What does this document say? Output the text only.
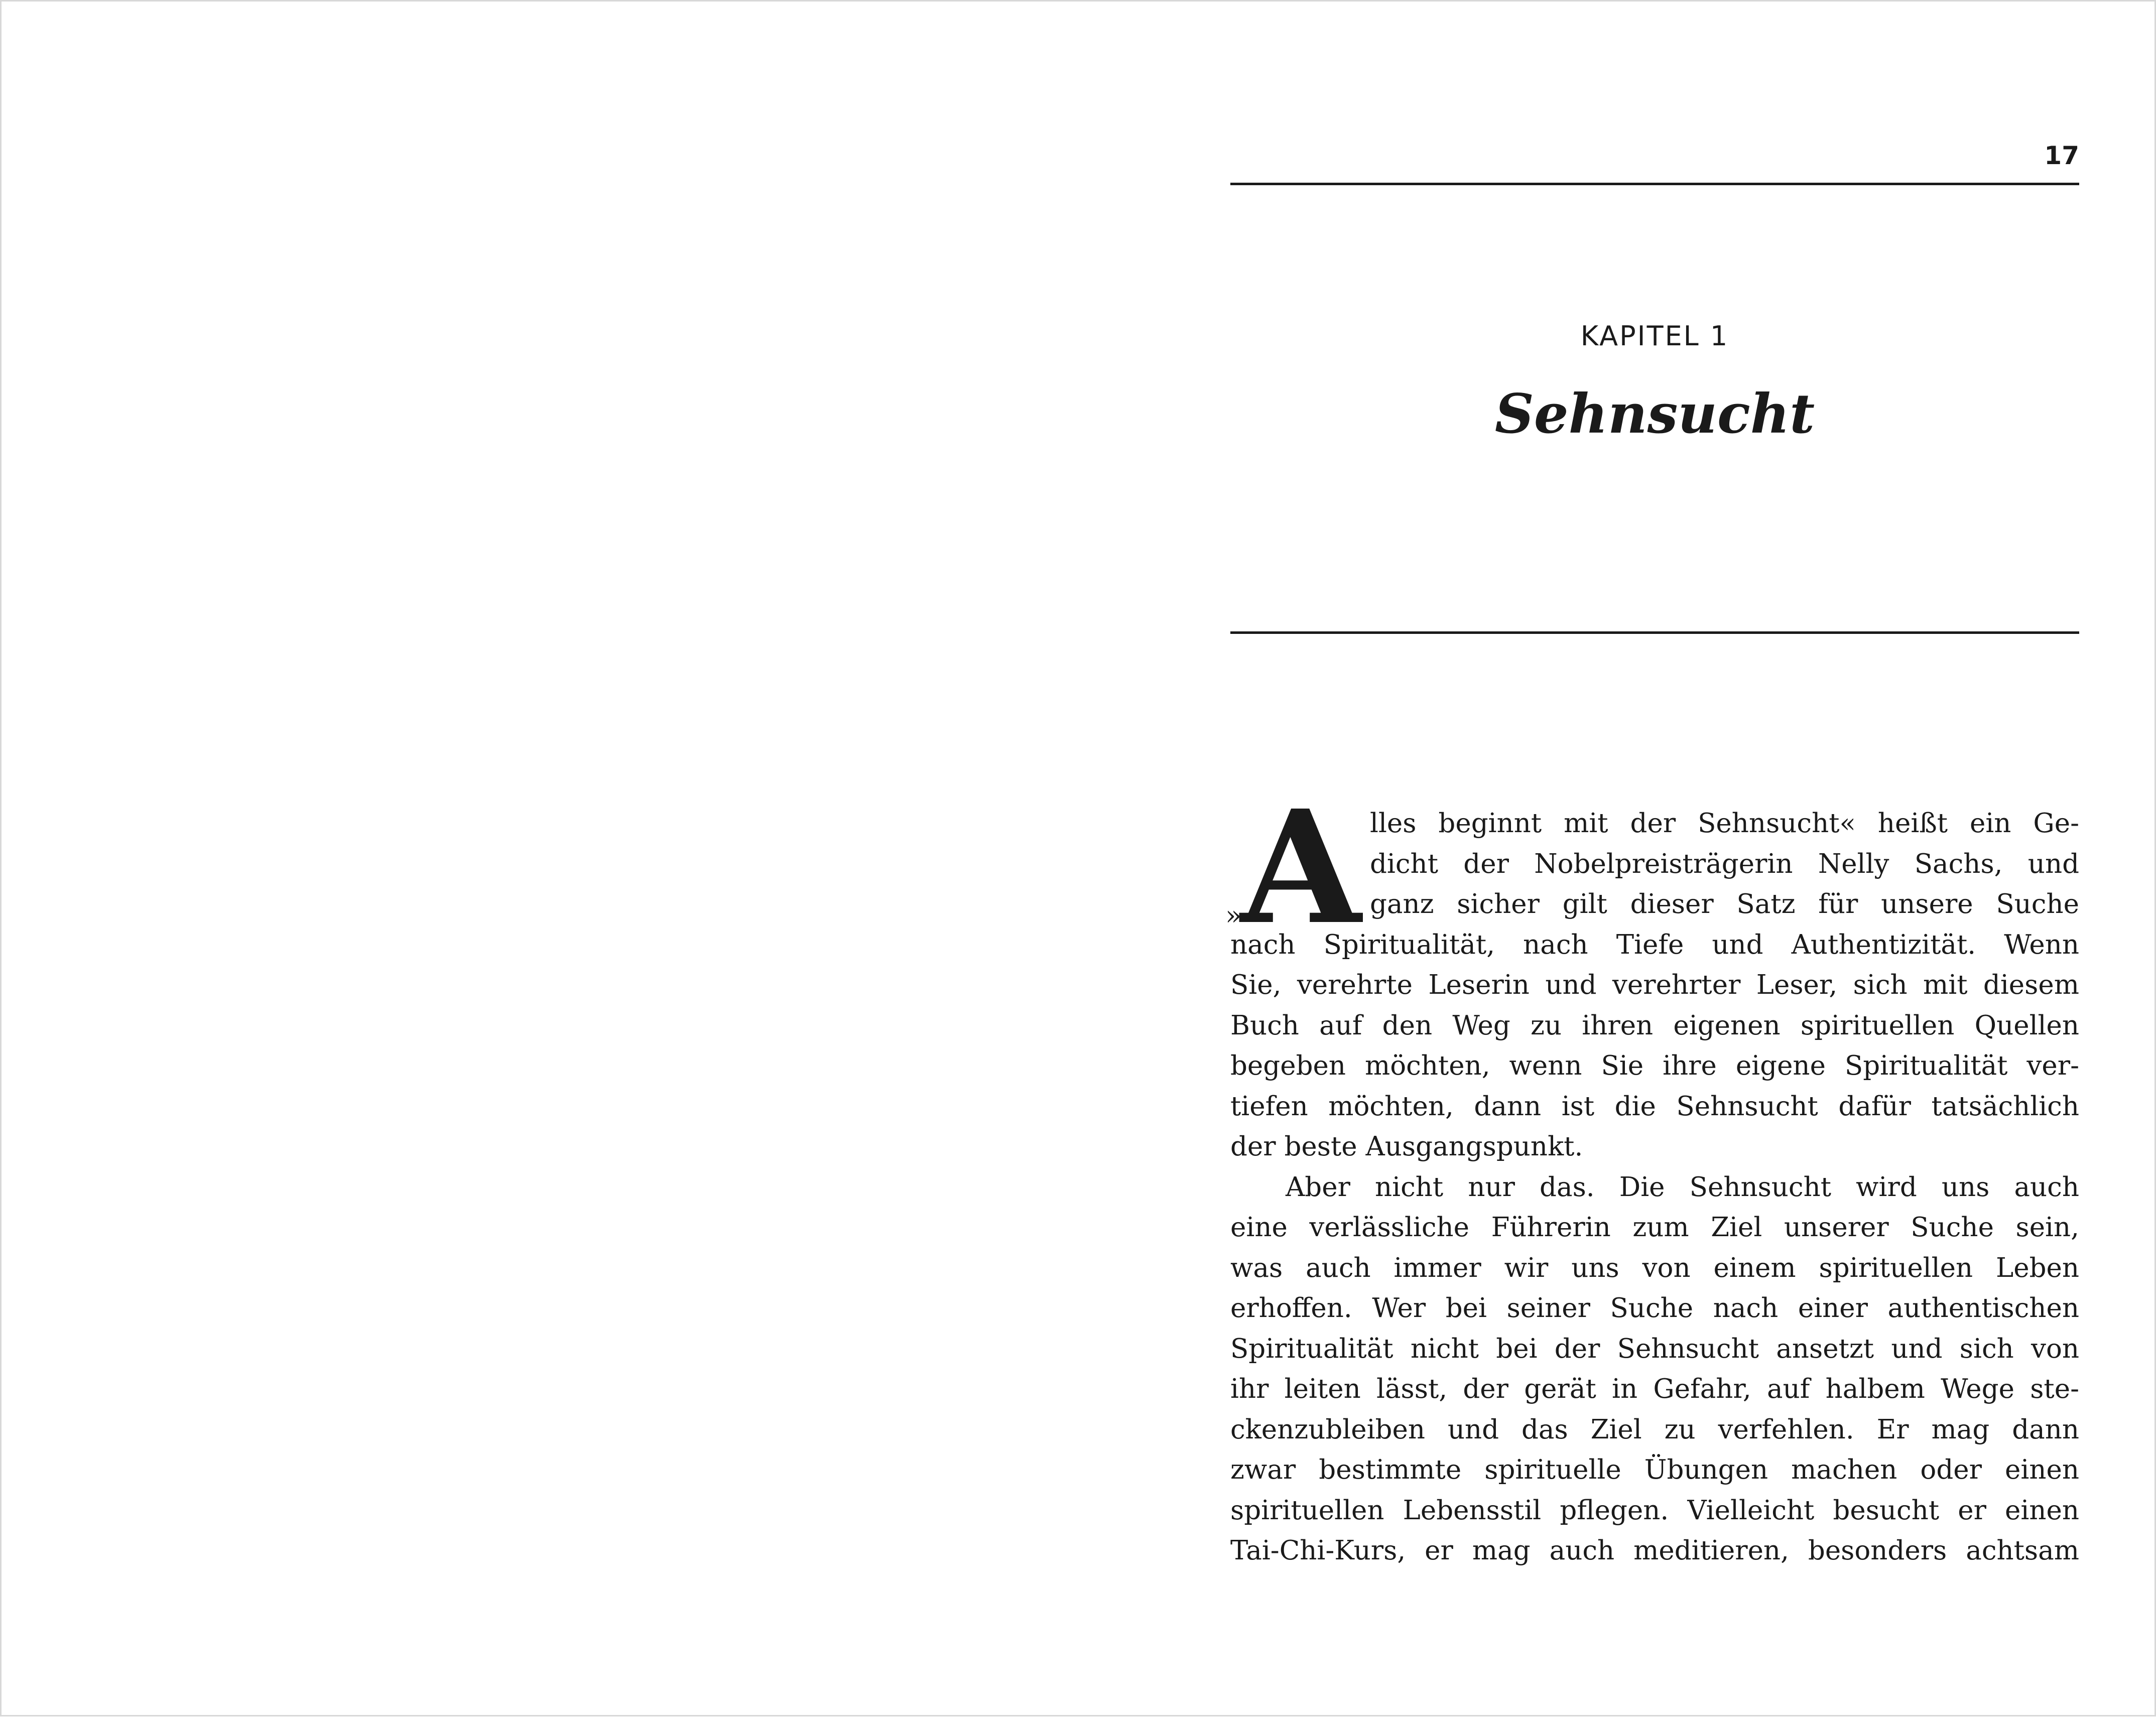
17
KAPITEL 1
Sehnsucht
»
A lles beginnt mit der Sehnsucht« heißt ein Ge-
dicht der Nobelpreisträgerin Nelly Sachs, und
ganz sicher gilt dieser Satz für unsere Suche
nach Spiritualität, nach Tiefe und Authentizität. Wenn
Sie, verehrte Leserin und verehrter Leser, sich mit diesem
Buch auf den Weg zu ihren eigenen spirituellen Quellen
begeben möchten, wenn Sie ihre eigene Spiritualität ver-
tiefen möchten, dann ist die Sehnsucht dafür tatsächlich
der beste Ausgangspunkt.
Aber nicht nur das. Die Sehnsucht wird uns auch
eine verlässliche Führerin zum Ziel unserer Suche sein,
was auch immer wir uns von einem spirituellen Leben
erhoffen. Wer bei seiner Suche nach einer authentischen
Spiritualität nicht bei der Sehnsucht ansetzt und sich von
ihr leiten lässt, der gerät in Gefahr, auf halbem Wege ste-
ckenzubleiben und das Ziel zu verfehlen. Er mag dann
zwar bestimmte spirituelle Übungen machen oder einen
spirituellen Lebensstil pflegen. Vielleicht besucht er einen
Tai-Chi-Kurs, er mag auch meditieren, besonders achtsam
